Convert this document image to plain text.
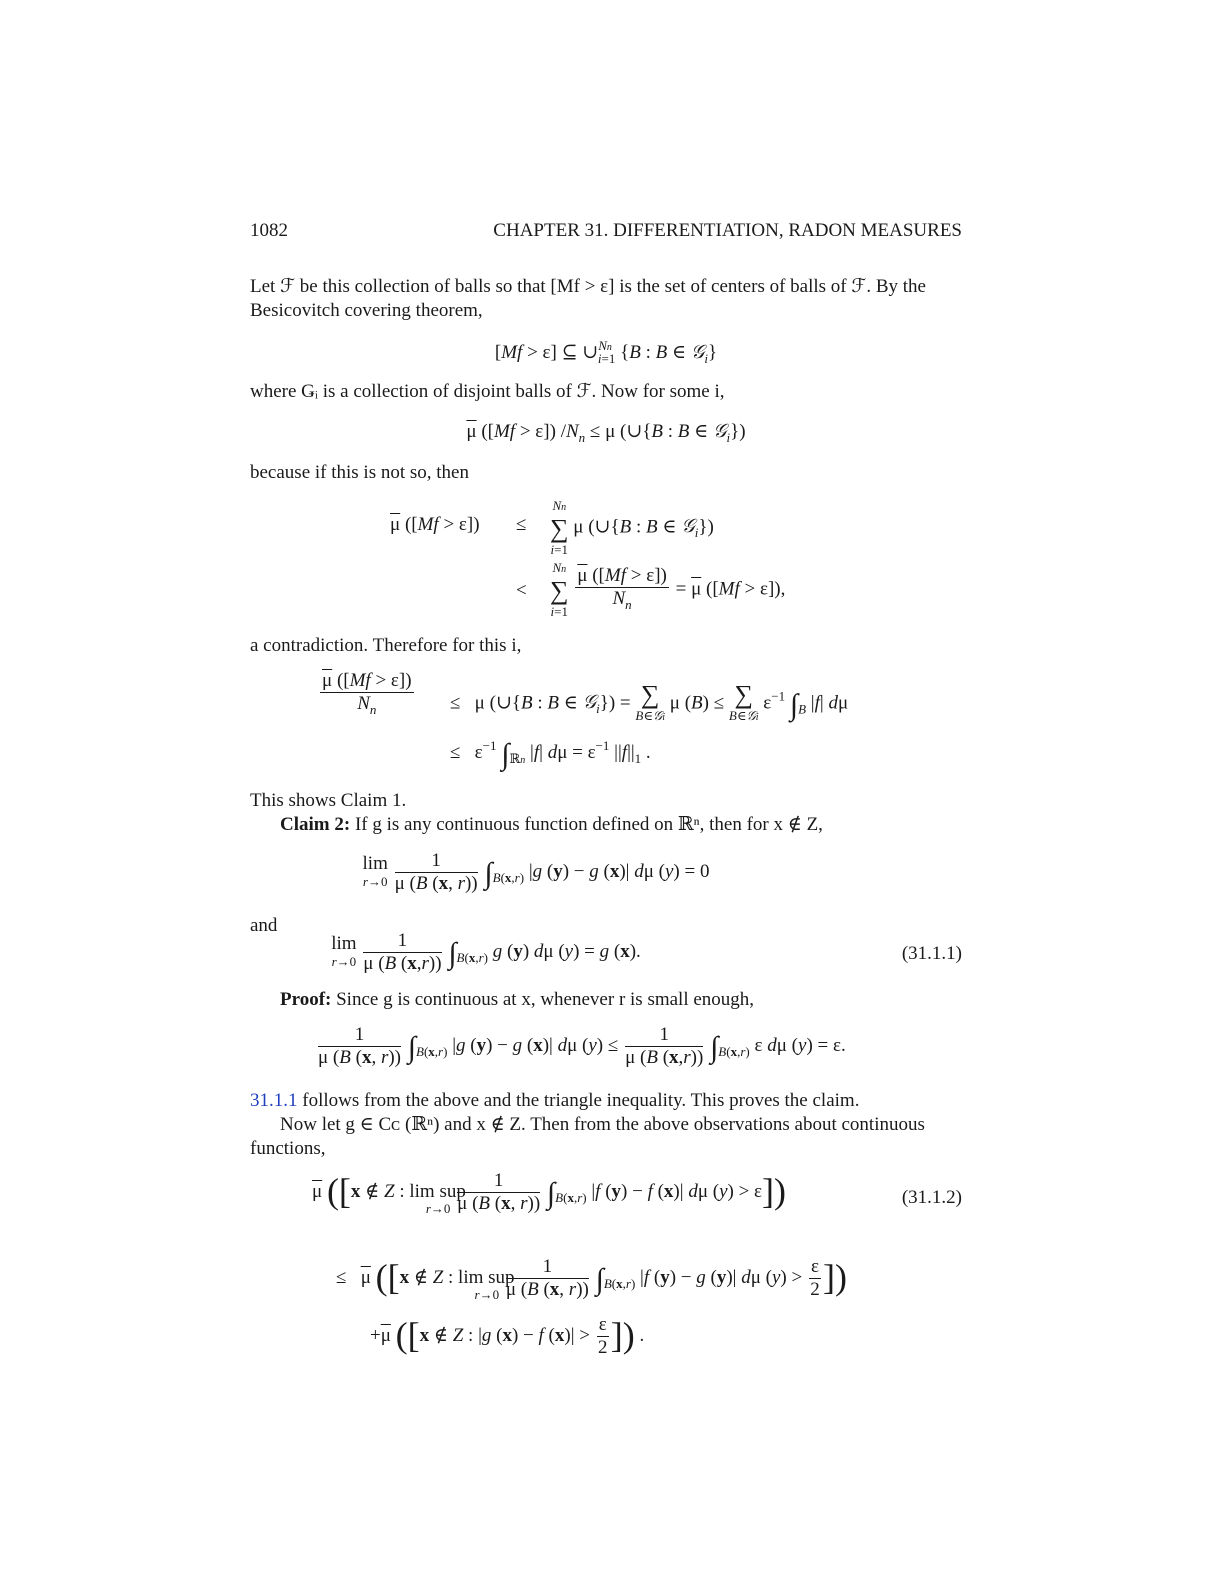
1082	CHAPTER 31. DIFFERENTIATION, RADON MEASURES
Let ℱ be this collection of balls so that [Mf > ε] is the set of centers of balls of ℱ. By the
Besicovitch covering theorem,
[Mf > ε] ⊆ ∪$^{Nn}_{i=1}$ {B : B ∈ 𝒢$_i$}
where Ǥᵢ is a collection of disjoint balls of ℱ. Now for some i,
$\overline{\mu}$ ([Mf > ε]) $/N_n \le \mu$ (∪{B : B ∈ 𝒢$_i$})
because if this is not so, then
$\overline{\mu}$ ([Mf > ε]) ≤
Nn
∑
i=1
μ (∪{B : B ∈ 𝒢$_i$})
<
Nn
∑
i=1
$\frac{\overline{\mu} ([Mf > \varepsilon])}{N_n} = \overline{\mu}$ ([Mf > ε]),
a contradiction. Therefore for this i,
$\frac{\overline{\mu} ([Mf > \varepsilon])}{N_n} \le \mu$ (∪{B : B ∈ 𝒢$_i$}) = ∑
B∈𝒢i
μ (B) ≤ ∑
B∈𝒢i
$\varepsilon^{-1}$ $\int_B$ |f| dμ
≤   $\varepsilon^{-1}$ $\int_{ℝn}$ |f| $d\mu = \varepsilon^{-1}$ $||f||_1$ .
This shows Claim 1.
Claim 2: If g is any continuous function defined on ℝⁿ, then for x ∉ Z,
lim
r→0
$\frac{1}{\mu (B (x, r))} \int_{B(x,r)}$ |g (y) − g (x)| dμ (y) = 0
and
lim
r→0
$\frac{1}{\mu (B (x,r))} \int_{B(x,r)}$ g (y) dμ (y) = g (x).	(31.1.1)
Proof: Since g is continuous at x, whenever r is small enough,
$\frac{1}{\mu (B (x, r))} \int_{B(x,r)}$ |g (y) − g (x)| dμ $(y) \le \frac{1}{\mu (B (x,r))} \int_{B(x,r)}$ ε dμ (y) = ε.
31.1.1 follows from the above and the triangle inequality. This proves the claim.
Now let g ∈ Cᴄ (ℝⁿ) and x ∉ Z. Then from the above observations about continuous
functions,
$\overline{\mu}$ ([x ∉ Z : $\lim sup_{r\to 0} \frac{1}{\mu (B (x, r))} \int_{B(x,r)}$ |f (y) − f (x)| dμ (y) > ε])	(31.1.2)
≤   $\overline{\mu}$ ([x ∉ Z : $\lim sup_{r\to 0} \frac{1}{\mu (B (x, r))} \int_{B(x,r)}$ |f (y) − g (y)| dμ $(y) > \frac{\varepsilon}{2}$ ])
$+\overline{\mu}$ ([x ∉ Z : |g (x) − f $(x)| > \frac{\varepsilon}{2}$ ]) .
